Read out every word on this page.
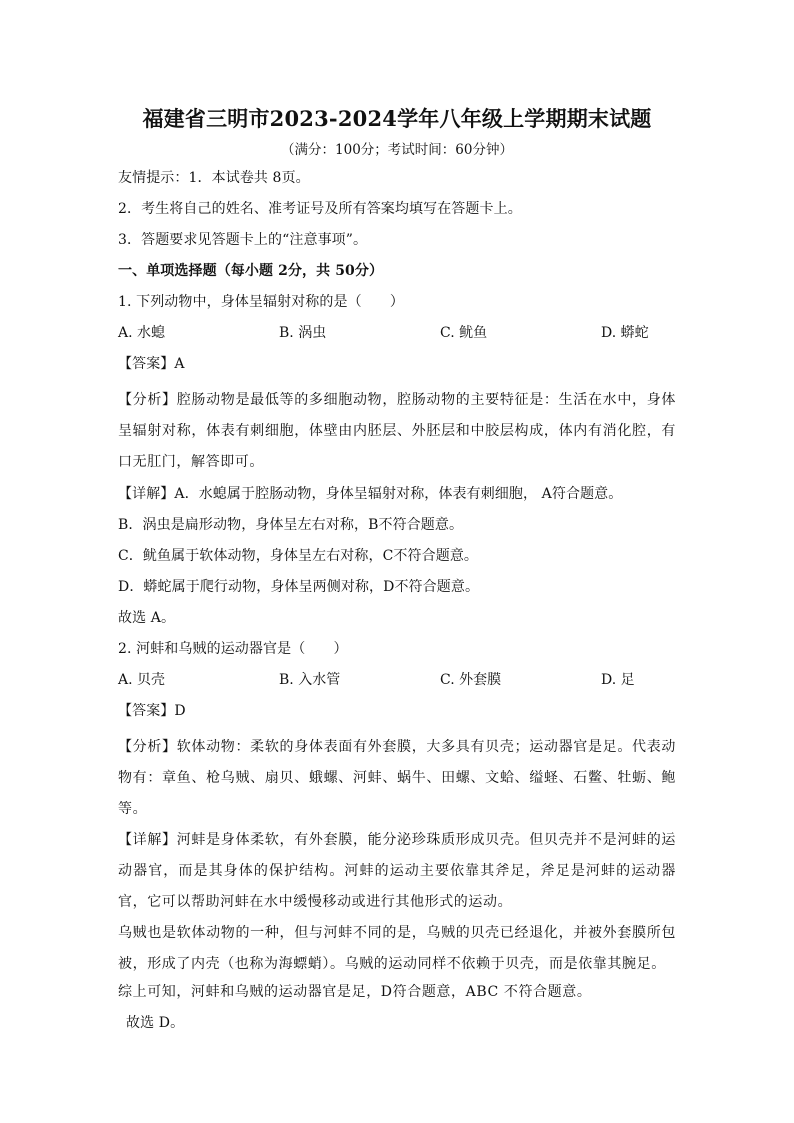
福建省三明市2023-2024学年八年级上学期期末试题
（满分：100分；考试时间：60分钟）
友情提示：1．本试卷共 8页。
2．考生将自己的姓名、准考证号及所有答案均填写在答题卡上。
3．答题要求见答题卡上的“注意事项”。
一、单项选择题（每小题 2分，共 50分）
1. 下列动物中，身体呈辐射对称的是（　　）
A. 水螅	B. 涡虫	C. 鱿鱼	D. 蟒蛇
【答案】A
【分析】腔肠动物是最低等的多细胞动物，腔肠动物的主要特征是：生活在水中，身体呈辐射对称，体表有刺细胞，体壁由内胚层、外胚层和中胶层构成，体内有消化腔，有口无肛门，解答即可。
【详解】A．水螅属于腔肠动物，身体呈辐射对称，体表有刺细胞， A符合题意。
B．涡虫是扁形动物，身体呈左右对称，B不符合题意。
C．鱿鱼属于软体动物，身体呈左右对称，C不符合题意。
D．蟒蛇属于爬行动物，身体呈两侧对称，D不符合题意。
故选 A。
2. 河蚌和乌贼的运动器官是（　　）
A. 贝壳	B. 入水管	C. 外套膜	D. 足
【答案】D
【分析】软体动物：柔软的身体表面有外套膜，大多具有贝壳；运动器官是足。代表动物有：章鱼、枪乌贼、扇贝、蛾螺、河蚌、蜗牛、田螺、文蛤、缢蛏、石鳖、牡蛎、鲍等。
【详解】河蚌是身体柔软，有外套膜，能分泌珍珠质形成贝壳。但贝壳并不是河蚌的运动器官，而是其身体的保护结构。河蚌的运动主要依靠其斧足，斧足是河蚌的运动器官，它可以帮助河蚌在水中缓慢移动或进行其他形式的运动。
乌贼也是软体动物的一种，但与河蚌不同的是，乌贼的贝壳已经退化，并被外套膜所包被，形成了内壳（也称为海螵蛸）。乌贼的运动同样不依赖于贝壳，而是依靠其腕足。
综上可知，河蚌和乌贼的运动器官是足，D符合题意，ABC 不符合题意。
故选 D。
